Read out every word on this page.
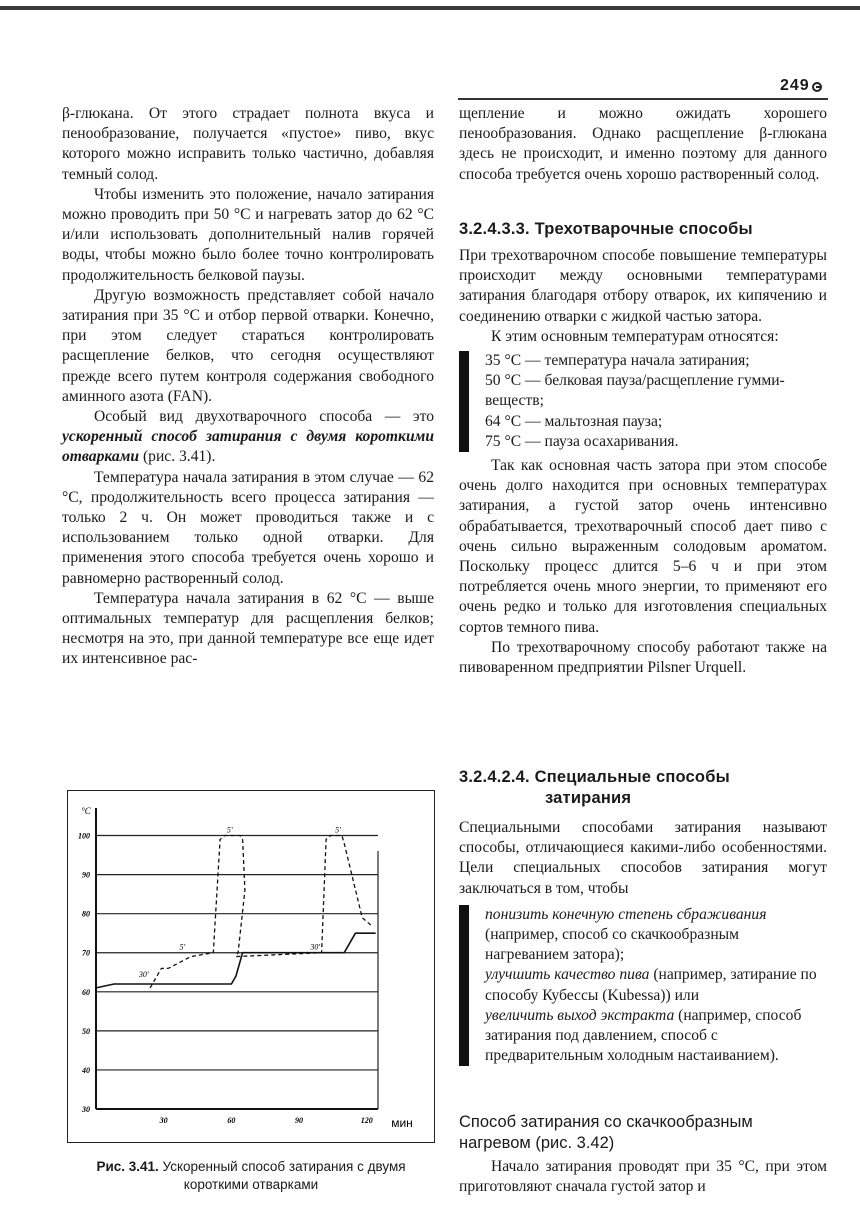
249

β-глюкана. От этого страдает полнота вкуса и пенообразование, получается «пустое» пиво, вкус которого можно исправить только частично, добавляя темный солод.

Чтобы изменить это положение, начало затирания можно проводить при 50 °С и нагревать затор до 62 °С и/или использовать дополнительный налив горячей воды, чтобы можно было более точно контролировать продолжительность белковой паузы.

Другую возможность представляет собой начало затирания при 35 °С и отбор первой отварки. Конечно, при этом следует стараться контролировать расщепление белков, что сегодня осуществляют прежде всего путем контроля содержания свободного аминного азота (FAN).

Особый вид двухотварочного способа — это ускоренный способ затирания с двумя короткими отварками (рис. 3.41).

Температура начала затирания в этом случае — 62 °С, продолжительность всего процесса затирания — только 2 ч. Он может проводиться также и с использованием только одной отварки. Для применения этого способа требуется очень хорошо и равномерно растворенный солод.

Температура начала затирания в 62 °С — выше оптимальных температур для расщепления белков; несмотря на это, при данной температуре все еще идет их интенсивное рас-

100
90
80
70
60
50
40
30
30	60	90	120
°C
мин
30'
5'
5'
30'
5'
Рис. 3.41. Ускоренный способ затирания с двумя короткими отварками

щепление и можно ожидать хорошего пенообразования. Однако расщепление β-глюкана здесь не происходит, и именно поэтому для данного способа требуется очень хорошо растворенный солод.

3.2.4.3.3. Трехотварочные способы

При трехотварочном способе повышение температуры происходит между основными температурами затирания благодаря отбору отварок, их кипячению и соединению отварки с жидкой частью затора.

К этим основным температурам относятся:

35 °С — температура начала затирания;
50 °С — белковая пауза/расщепление гумми-веществ;
64 °С — мальтозная пауза;
75 °С — пауза осахаривания.

Так как основная часть затора при этом способе очень долго находится при основных температурах затирания, а густой затор очень интенсивно обрабатывается, трехотварочный способ дает пиво с очень сильно выраженным солодовым ароматом. Поскольку процесс длится 5–6 ч и при этом потребляется очень много энергии, то применяют его очень редко и только для изготовления специальных сортов темного пива.

По трехотварочному способу работают также на пивоваренном предприятии Pilsner Urquell.

3.2.4.2.4. Специальные способы
затирания

Специальными способами затирания называют способы, отличающиеся какими-либо особенностями. Цели специальных способов затирания могут заключаться в том, чтобы

понизить конечную степень сбраживания (например, способ со скачкообразным нагреванием затора);
улучшить качество пива (например, затирание по способу Кубессы (Kubessa)) или
увеличить выход экстракта (например, способ затирания под давлением, способ с предварительным холодным настаиванием).
Способ затирания со скачкообразным нагревом (рис. 3.42)

Начало затирания проводят при 35 °С, при этом приготовляют сначала густой затор и
